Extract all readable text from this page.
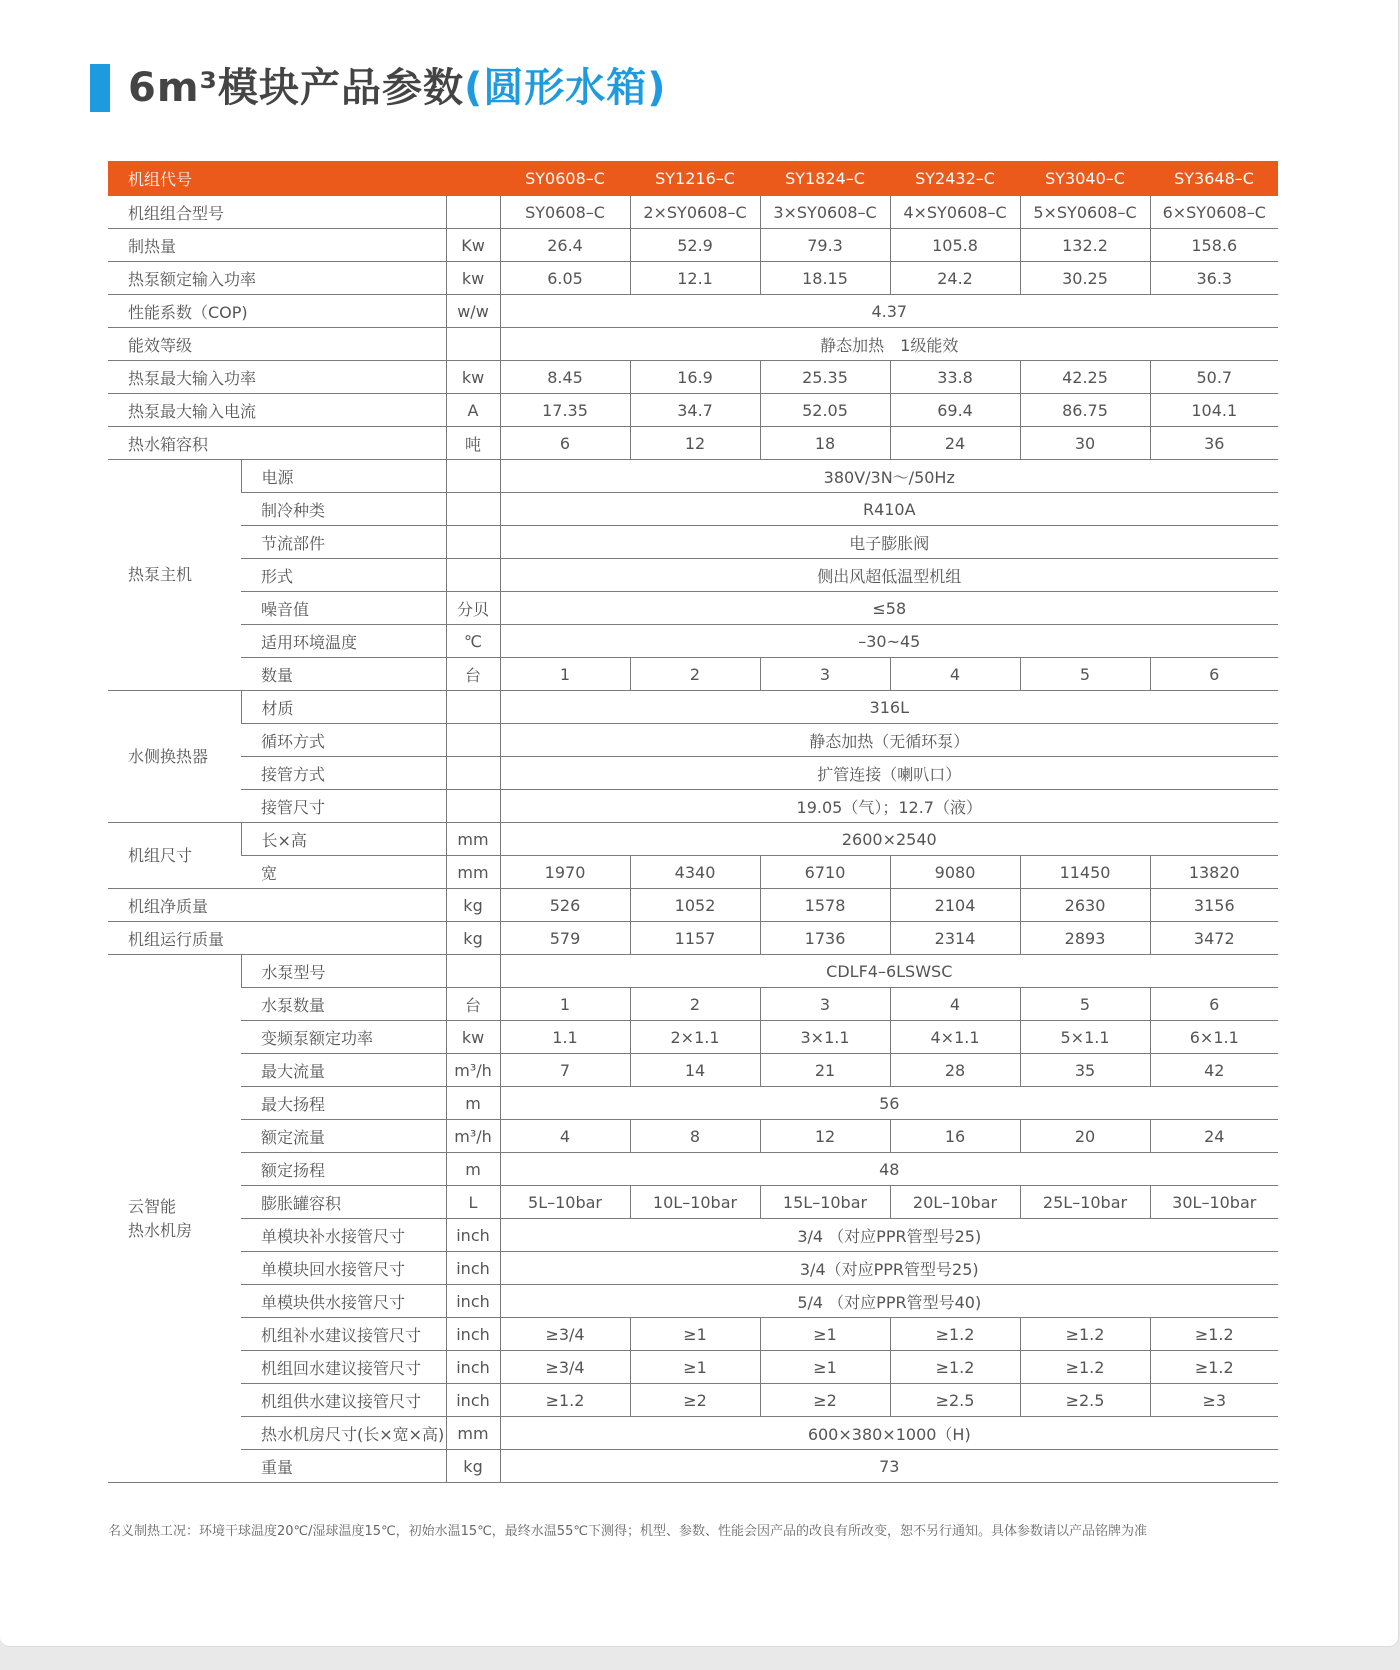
6m³模块产品参数(圆形水箱)
机组代号			SY0608–C	SY1216–C	SY1824–C	SY2432–C	SY3040–C	SY3648–C
机组组合型号			SY0608–C	2×SY0608–C	3×SY0608–C	4×SY0608–C	5×SY0608–C	6×SY0608–C
制热量		Kw	26.4	52.9	79.3	105.8	132.2	158.6
热泵额定输入功率		kw	6.05	12.1	18.15	24.2	30.25	36.3
性能系数（COP)		w/w	4.37					
能效等级			静态加热　1级能效					
热泵最大输入功率		kw	8.45	16.9	25.35	33.8	42.25	50.7
热泵最大输入电流		A	17.35	34.7	52.05	69.4	86.75	104.1
热水箱容积		吨	6	12	18	24	30	36
热泵主机	电源		380V/3N～/50Hz					
	制冷种类		R410A					
	节流部件		电子膨胀阀					
	形式		侧出风超低温型机组					
	噪音值	分贝	≤58					
	适用环境温度	℃	–30~45					
	数量	台	1	2	3	4	5	6
水侧换热器	材质		316L					
	循环方式		静态加热（无循环泵）					
	接管方式		扩管连接（喇叭口）					
	接管尺寸		19.05（气）；12.7（液）					
机组尺寸	长×高	mm	2600×2540					
	宽	mm	1970	4340	6710	9080	11450	13820
机组净质量		kg	526	1052	1578	2104	2630	3156
机组运行质量		kg	579	1157	1736	2314	2893	3472
云智能
热水机房	水泵型号		CDLF4–6LSWSC					
	水泵数量	台	1	2	3	4	5	6
	变频泵额定功率	kw	1.1	2×1.1	3×1.1	4×1.1	5×1.1	6×1.1
	最大流量	m³/h	7	14	21	28	35	42
	最大扬程	m	56					
	额定流量	m³/h	4	8	12	16	20	24
	额定扬程	m	48					
	膨胀罐容积	L	5L–10bar	10L–10bar	15L–10bar	20L–10bar	25L–10bar	30L–10bar
	单模块补水接管尺寸	inch	3/4 （对应PPR管型号25)					
	单模块回水接管尺寸	inch	3/4（对应PPR管型号25)					
	单模块供水接管尺寸	inch	5/4 （对应PPR管型号40)					
	机组补水建议接管尺寸	inch	≥3/4	≥1	≥1	≥1.2	≥1.2	≥1.2
	机组回水建议接管尺寸	inch	≥3/4	≥1	≥1	≥1.2	≥1.2	≥1.2
	机组供水建议接管尺寸	inch	≥1.2	≥2	≥2	≥2.5	≥2.5	≥3
	热水机房尺寸(长×宽×高)	mm	600×380×1000（H)					
	重量	kg	73					
名义制热工况：环境干球温度20℃/湿球温度15℃，初始水温15℃，最终水温55℃下测得；机型、参数、性能会因产品的改良有所改变，恕不另行通知。具体参数请以产品铭牌为准
